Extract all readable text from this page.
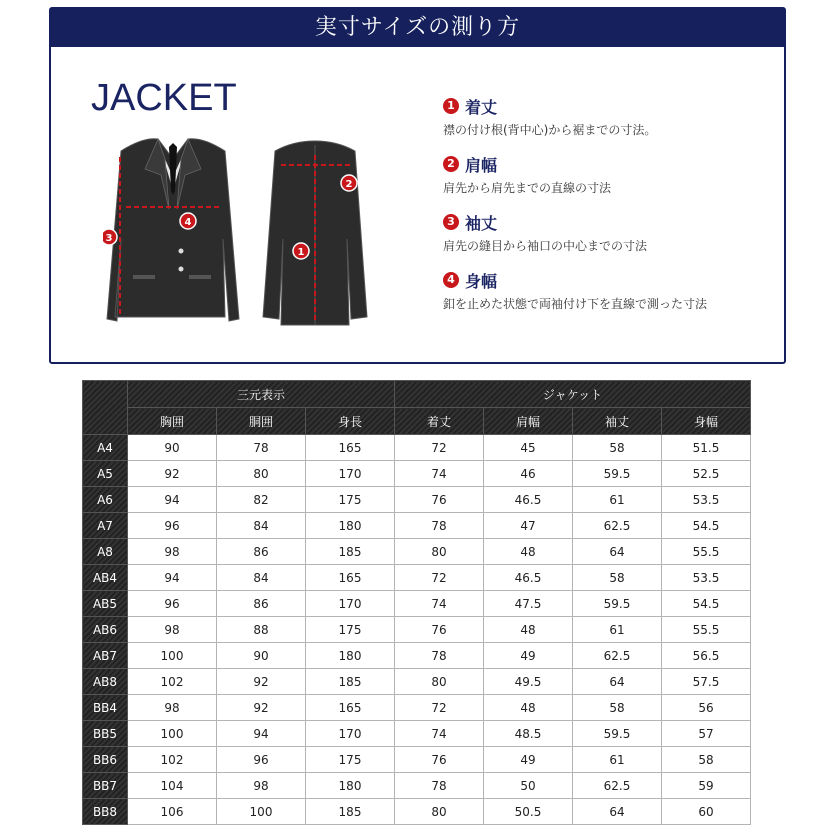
実寸サイズの測り方
JACKET
3
4
2
1
1 着丈
襟の付け根(背中心)から裾までの寸法。
2 肩幅
肩先から肩先までの直線の寸法
3 袖丈
肩先の縫目から袖口の中心までの寸法
4 身幅
釦を止めた状態で両袖付け下を直線で測った寸法
	三元表示			ジャケット			
	胸囲	胴囲	身長	着丈	肩幅	袖丈	身幅
A4	90	78	165	72	45	58	51.5
A5	92	80	170	74	46	59.5	52.5
A6	94	82	175	76	46.5	61	53.5
A7	96	84	180	78	47	62.5	54.5
A8	98	86	185	80	48	64	55.5
AB4	94	84	165	72	46.5	58	53.5
AB5	96	86	170	74	47.5	59.5	54.5
AB6	98	88	175	76	48	61	55.5
AB7	100	90	180	78	49	62.5	56.5
AB8	102	92	185	80	49.5	64	57.5
BB4	98	92	165	72	48	58	56
BB5	100	94	170	74	48.5	59.5	57
BB6	102	96	175	76	49	61	58
BB7	104	98	180	78	50	62.5	59
BB8	106	100	185	80	50.5	64	60
